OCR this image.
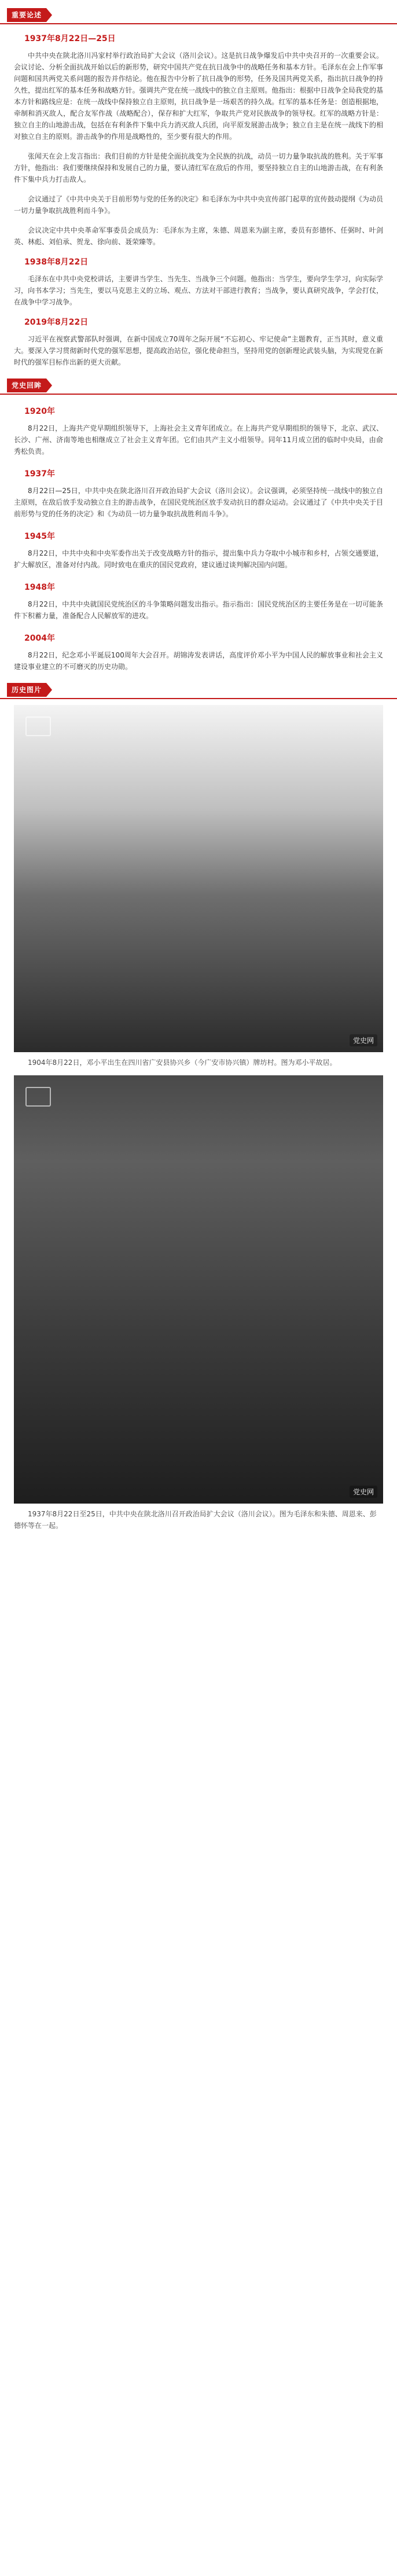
重要论述
1937年8月22日—25日

中共中央在陕北洛川冯家村举行政治局扩大会议（洛川会议）。这是抗日战争爆发后中共中央召开的一次重要会议。会议讨论、分析全面抗战开始以后的新形势，研究中国共产党在抗日战争中的战略任务和基本方针。毛泽东在会上作军事问题和国共两党关系问题的报告并作结论。他在报告中分析了抗日战争的形势，任务及国共两党关系，指出抗日战争的持久性，提出红军的基本任务和战略方针。强调共产党在统一战线中的独立自主原则。他指出：根据中日战争全局我党的基本方针和路线应是：在统一战线中保持独立自主原则，抗日战争是一场艰苦的持久战。红军的基本任务是：创造根据地，牵制和消灭敌人，配合友军作战（战略配合），保存和扩大红军，争取共产党对民族战争的领导权。红军的战略方针是：独立自主的山地游击战，包括在有利条件下集中兵力消灭敌人兵团，向平原发展游击战争；独立自主是在统一战线下的相对独立自主的原则。游击战争的作用是战略性的，至少要有很大的作用。

张闻天在会上发言指出：我们目前的方针是使全面抗战变为全民族的抗战，动员一切力量争取抗战的胜利。关于军事方针，他指出：我们要继续保持和发展自己的力量，要认清红军在敌后的作用，要坚持独立自主的山地游击战，在有利条件下集中兵力打击敌人。

会议通过了《中共中央关于目前形势与党的任务的决定》和毛泽东为中共中央宣传部门起草的宣传鼓动提纲《为动员一切力量争取抗战胜利而斗争》。

会议决定中共中央革命军事委员会成员为：毛泽东为主席，朱德、周恩来为副主席，委员有彭德怀、任弼时、叶剑英、林彪、刘伯承、贺龙、徐向前、聂荣臻等。

1938年8月22日

毛泽东在中共中央党校讲话，主要讲当学生、当先生、当战争三个问题。他指出：当学生，要向学生学习，向实际学习，向书本学习；当先生，要以马克思主义的立场、观点、方法对干部进行教育；当战争，要认真研究战争，学会打仗，在战争中学习战争。

2019年8月22日

习近平在视察武警部队时强调，在新中国成立70周年之际开展“不忘初心、牢记使命”主题教育，正当其时，意义重大。要深入学习贯彻新时代党的强军思想，提高政治站位，强化使命担当，坚持用党的创新理论武装头脑，为实现党在新时代的强军目标作出新的更大贡献。

党史回眸
1920年

8月22日，上海共产党早期组织领导下，上海社会主义青年团成立。在上海共产党早期组织的领导下，北京、武汉、长沙、广州、济南等地也相继成立了社会主义青年团。它们由共产主义小组领导。同年11月成立团的临时中央局，由俞秀松负责。

1937年

8月22日—25日，中共中央在陕北洛川召开政治局扩大会议（洛川会议）。会议强调，必须坚持统一战线中的独立自主原则，在敌后放手发动独立自主的游击战争，在国民党统治区放手发动抗日的群众运动。会议通过了《中共中央关于目前形势与党的任务的决定》和《为动员一切力量争取抗战胜利而斗争》。

1945年

8月22日，中共中央和中央军委作出关于改变战略方针的指示，提出集中兵力夺取中小城市和乡村，占领交通要道，扩大解放区，准备对付内战。同时致电在重庆的国民党政府，建议通过谈判解决国内问题。

1948年

8月22日，中共中央就国民党统治区的斗争策略问题发出指示。指示指出：国民党统治区的主要任务是在一切可能条件下积蓄力量，准备配合人民解放军的进攻。

2004年

8月22日，纪念邓小平诞辰100周年大会召开。胡锦涛发表讲话，高度评价邓小平为中国人民的解放事业和社会主义建设事业建立的不可磨灭的历史功勋。

历史图片
党史网

1904年8月22日，邓小平出生在四川省广安县协兴乡（今广安市协兴镇）牌坊村。图为邓小平故居。

党史网

1937年8月22日至25日，中共中央在陕北洛川召开政治局扩大会议（洛川会议）。图为毛泽东和朱德、周恩来、彭德怀等在一起。
